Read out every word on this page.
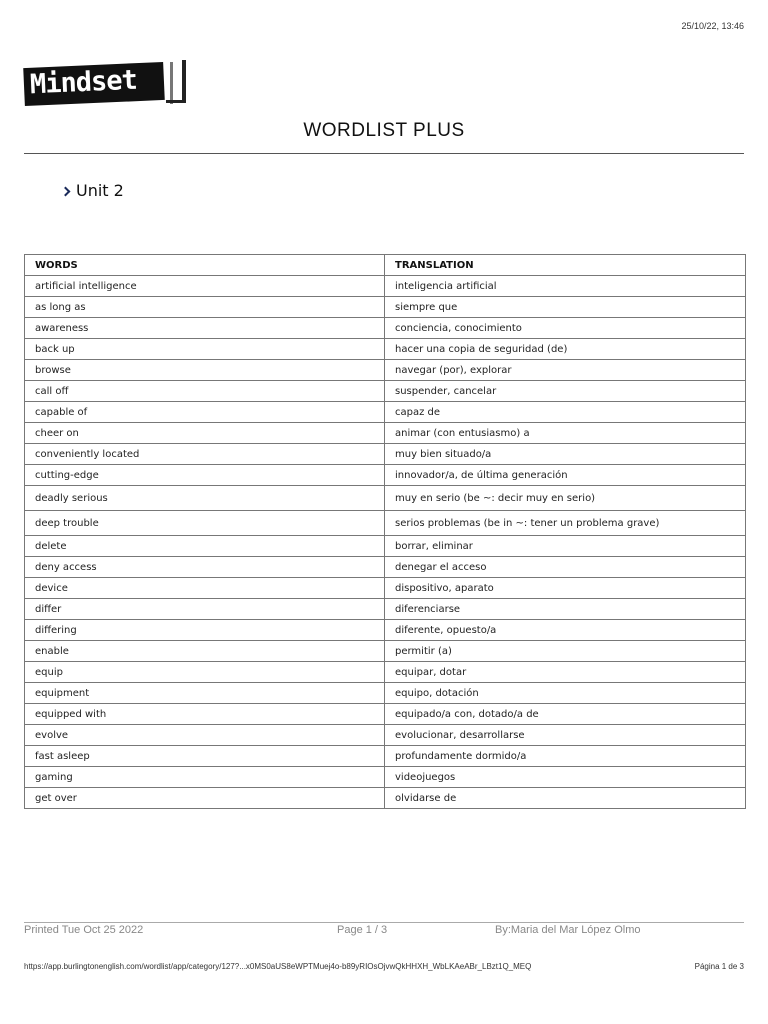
25/10/22, 13:46
Mindset
WORDLIST PLUS
Unit 2
WORDS	TRANSLATION
artificial intelligence	inteligencia artificial
as long as	siempre que
awareness	conciencia, conocimiento
back up	hacer una copia de seguridad (de)
browse	navegar (por), explorar
call off	suspender, cancelar
capable of	capaz de
cheer on	animar (con entusiasmo) a
conveniently located	muy bien situado/a
cutting-edge	innovador/a, de última generación
deadly serious	muy en serio (be ~: decir muy en serio)
deep trouble	serios problemas (be in ~: tener un problema grave)
delete	borrar, eliminar
deny access	denegar el acceso
device	dispositivo, aparato
differ	diferenciarse
differing	diferente, opuesto/a
enable	permitir (a)
equip	equipar, dotar
equipment	equipo, dotación
equipped with	equipado/a con, dotado/a de
evolve	evolucionar, desarrollarse
fast asleep	profundamente dormido/a
gaming	videojuegos
get over	olvidarse de
Printed Tue Oct 25 2022	Page 1 / 3	By:Maria del Mar López Olmo
https://app.burlingtonenglish.com/wordlist/app/category/127?...x0MS0aUS8eWPTMuej4o-b89yRIOsOjvwQkHHXH_WbLKAeABr_LBzt1Q_MEQ	Página 1 de 3
